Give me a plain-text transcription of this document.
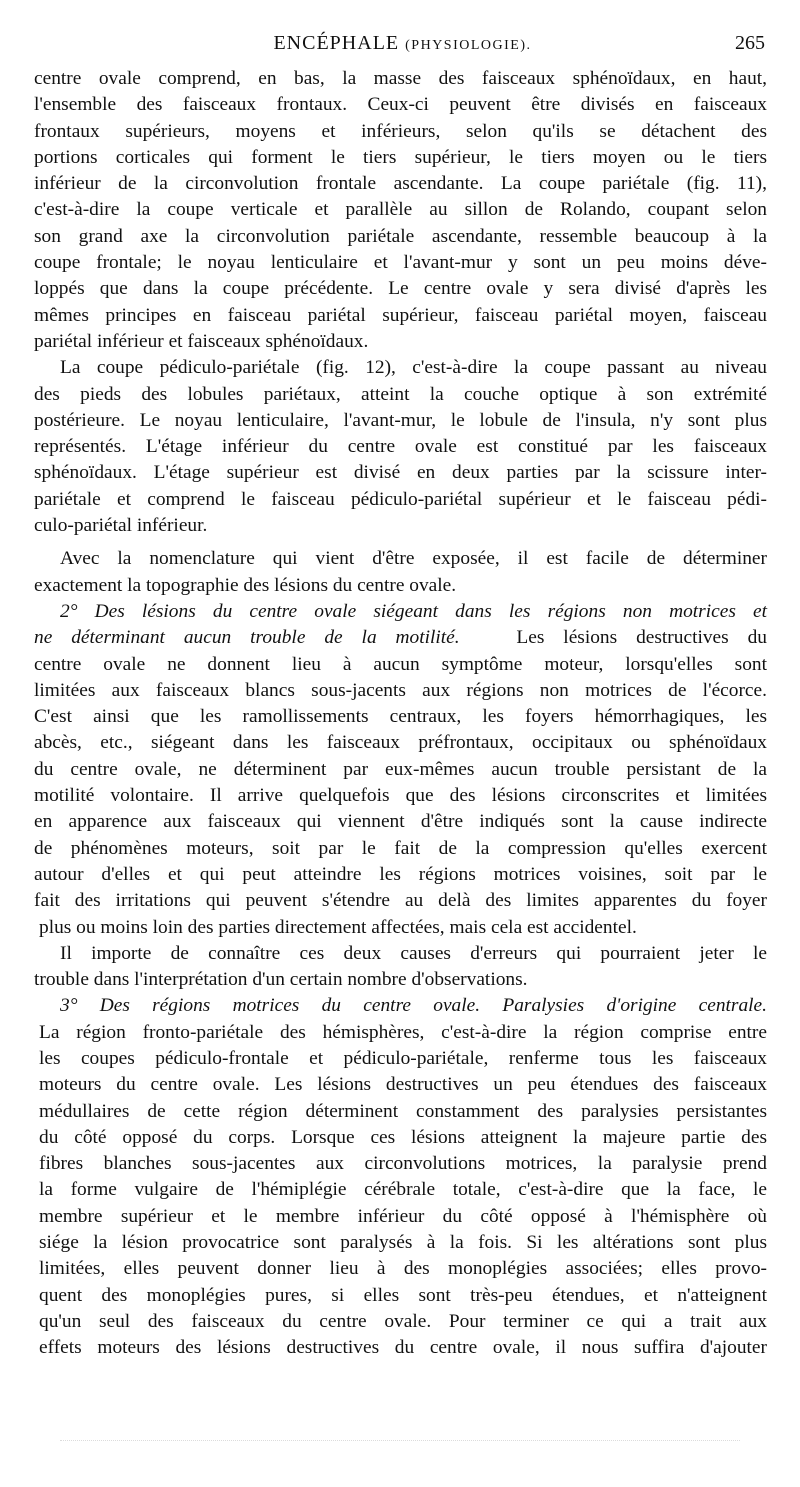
ENCÉPHALE (PHYSIOLOGIE).	265
centre ovale comprend, en bas, la masse des faisceaux sphénoïdaux, en haut,
l'ensemble des faisceaux frontaux. Ceux-ci peuvent être divisés en faisceaux
frontaux supérieurs, moyens et inférieurs, selon qu'ils se détachent des
portions corticales qui forment le tiers supérieur, le tiers moyen ou le tiers
inférieur de la circonvolution frontale ascendante. La coupe pariétale (fig. 11),
c'est-à-dire la coupe verticale et parallèle au sillon de Rolando, coupant selon
son grand axe la circonvolution pariétale ascendante, ressemble beaucoup à la
coupe frontale; le noyau lenticulaire et l'avant-mur y sont un peu moins déve-
loppés que dans la coupe précédente. Le centre ovale y sera divisé d'après les
mêmes principes en faisceau pariétal supérieur, faisceau pariétal moyen, faisceau
pariétal inférieur et faisceaux sphénoïdaux.
La coupe pédiculo-pariétale (fig. 12), c'est-à-dire la coupe passant au niveau
des pieds des lobules pariétaux, atteint la couche optique à son extrémité
postérieure. Le noyau lenticulaire, l'avant-mur, le lobule de l'insula, n'y sont plus
représentés. L'étage inférieur du centre ovale est constitué par les faisceaux
sphénoïdaux. L'étage supérieur est divisé en deux parties par la scissure inter-
pariétale et comprend le faisceau pédiculo-pariétal supérieur et le faisceau pédi-
culo-pariétal inférieur.
Avec la nomenclature qui vient d'être exposée, il est facile de déterminer
exactement la topographie des lésions du centre ovale.
2° Des lésions du centre ovale siégeant dans les régions non motrices et
ne déterminant aucun trouble de la motilité.	Les lésions destructives du
centre ovale ne donnent lieu à aucun symptôme moteur, lorsqu'elles sont
limitées aux faisceaux blancs sous-jacents aux régions non motrices de l'écorce.
C'est ainsi que les ramollissements centraux, les foyers hémorrhagiques, les
abcès, etc., siégeant dans les faisceaux préfrontaux, occipitaux ou sphénoïdaux
du centre ovale, ne déterminent par eux-mêmes aucun trouble persistant de la
motilité volontaire. Il arrive quelquefois que des lésions circonscrites et limitées
en apparence aux faisceaux qui viennent d'être indiqués sont la cause indirecte
de phénomènes moteurs, soit par le fait de la compression qu'elles exercent
autour d'elles et qui peut atteindre les régions motrices voisines, soit par le
fait des irritations qui peuvent s'étendre au delà des limites apparentes du foyer
plus ou moins loin des parties directement affectées, mais cela est accidentel.
Il importe de connaître ces deux causes d'erreurs qui pourraient jeter le
trouble dans l'interprétation d'un certain nombre d'observations.
3° Des régions motrices du centre ovale. Paralysies d'origine centrale.
La région fronto-pariétale des hémisphères, c'est-à-dire la région comprise entre
les coupes pédiculo-frontale et pédiculo-pariétale, renferme tous les faisceaux
moteurs du centre ovale. Les lésions destructives un peu étendues des faisceaux
médullaires de cette région déterminent constamment des paralysies persistantes
du côté opposé du corps. Lorsque ces lésions atteignent la majeure partie des
fibres blanches sous-jacentes aux circonvolutions motrices, la paralysie prend
la forme vulgaire de l'hémiplégie cérébrale totale, c'est-à-dire que la face, le
membre supérieur et le membre inférieur du côté opposé à l'hémisphère où
siége la lésion provocatrice sont paralysés à la fois. Si les altérations sont plus
limitées, elles peuvent donner lieu à des monoplégies associées; elles provo-
quent des monoplégies pures, si elles sont très-peu étendues, et n'atteignent
qu'un seul des faisceaux du centre ovale. Pour terminer ce qui a trait aux
effets moteurs des lésions destructives du centre ovale, il nous suffira d'ajouter
